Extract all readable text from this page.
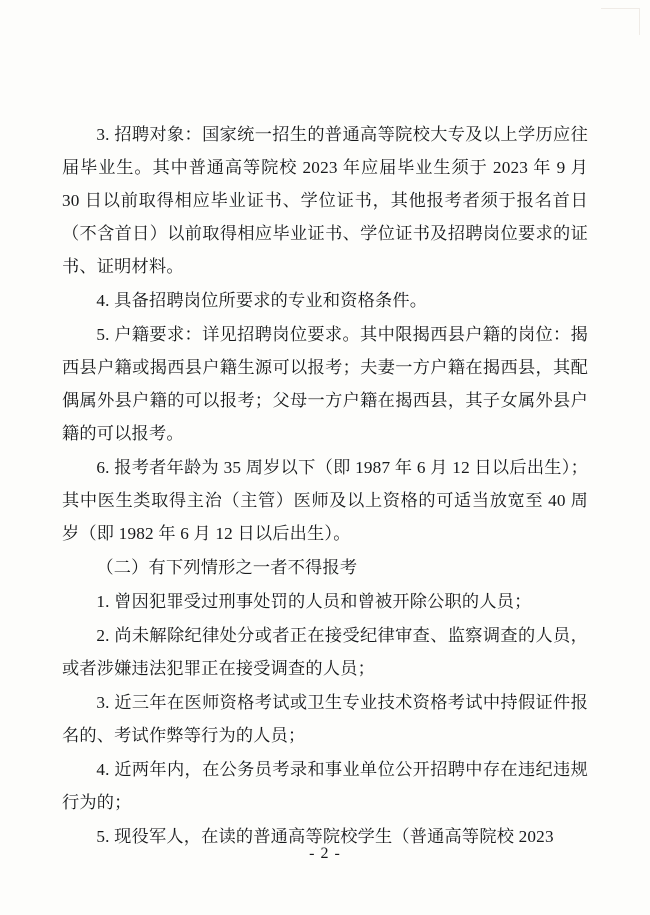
3. 招聘对象：国家统一招生的普通高等院校大专及以上学历应往届毕业生。其中普通高等院校 2023 年应届毕业生须于 2023 年 9 月 30 日以前取得相应毕业证书、学位证书，其他报考者须于报名首日（不含首日）以前取得相应毕业证书、学位证书及招聘岗位要求的证书、证明材料。

4. 具备招聘岗位所要求的专业和资格条件。

5. 户籍要求：详见招聘岗位要求。其中限揭西县户籍的岗位：揭西县户籍或揭西县户籍生源可以报考；夫妻一方户籍在揭西县，其配偶属外县户籍的可以报考；父母一方户籍在揭西县，其子女属外县户籍的可以报考。

6. 报考者年龄为 35 周岁以下（即 1987 年 6 月 12 日以后出生）；其中医生类取得主治（主管）医师及以上资格的可适当放宽至 40 周岁（即 1982 年 6 月 12 日以后出生）。

（二）有下列情形之一者不得报考

1. 曾因犯罪受过刑事处罚的人员和曾被开除公职的人员；

2. 尚未解除纪律处分或者正在接受纪律审查、监察调查的人员，或者涉嫌违法犯罪正在接受调查的人员；

3. 近三年在医师资格考试或卫生专业技术资格考试中持假证件报名的、考试作弊等行为的人员；

4. 近两年内，在公务员考录和事业单位公开招聘中存在违纪违规行为的；

5. 现役军人，在读的普通高等院校学生（普通高等院校 2023

- 2 -
